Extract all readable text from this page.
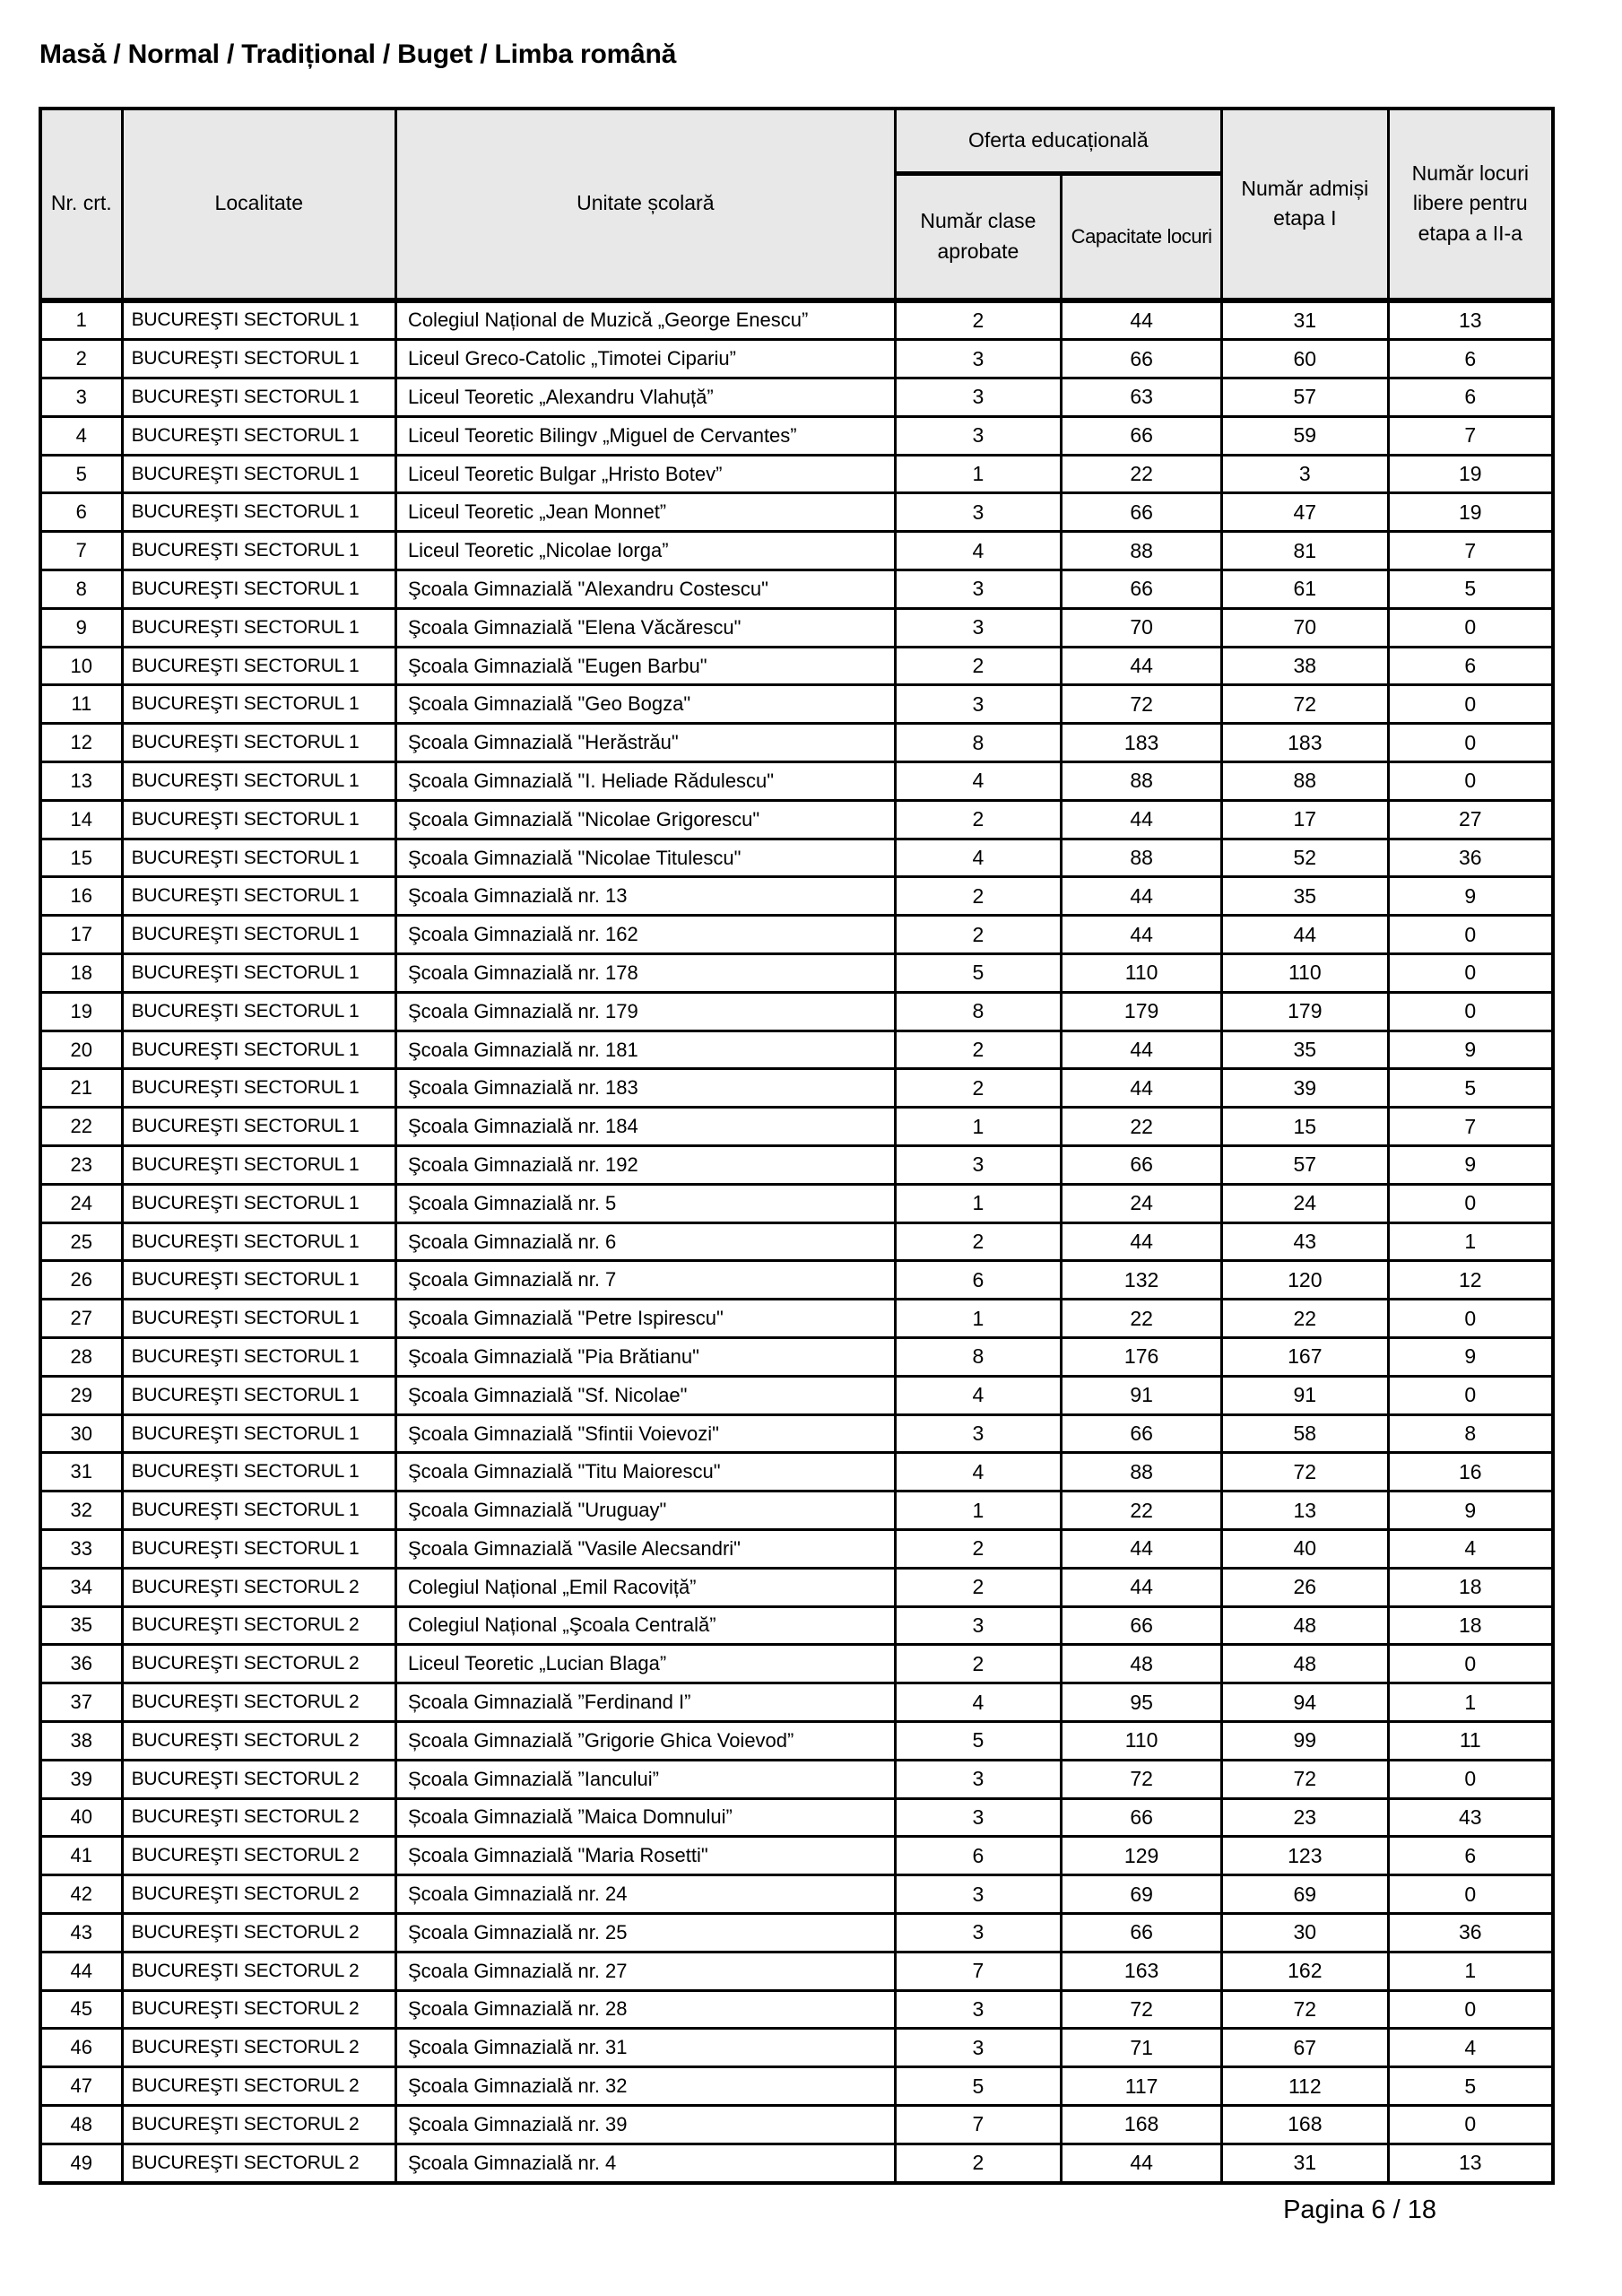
Masă / Normal / Tradițional / Buget / Limba română
Nr. crt.	Localitate	Unitate școlară	Oferta educațională		Număr admiși etapa I	Număr locuri libere pentru etapa a II-a
			Număr clase aprobate	Capacitate locuri		
1	BUCUREŞTI SECTORUL 1	Colegiul Național de Muzică „George Enescu”	2	44	31	13
2	BUCUREŞTI SECTORUL 1	Liceul Greco-Catolic „Timotei Cipariu”	3	66	60	6
3	BUCUREŞTI SECTORUL 1	Liceul Teoretic „Alexandru Vlahuță”	3	63	57	6
4	BUCUREŞTI SECTORUL 1	Liceul Teoretic Bilingv „Miguel de Cervantes”	3	66	59	7
5	BUCUREŞTI SECTORUL 1	Liceul Teoretic Bulgar „Hristo Botev”	1	22	3	19
6	BUCUREŞTI SECTORUL 1	Liceul Teoretic „Jean Monnet”	3	66	47	19
7	BUCUREŞTI SECTORUL 1	Liceul Teoretic „Nicolae Iorga”	4	88	81	7
8	BUCUREŞTI SECTORUL 1	Şcoala Gimnazială "Alexandru Costescu"	3	66	61	5
9	BUCUREŞTI SECTORUL 1	Şcoala Gimnazială "Elena Văcărescu"	3	70	70	0
10	BUCUREŞTI SECTORUL 1	Şcoala Gimnazială "Eugen Barbu"	2	44	38	6
11	BUCUREŞTI SECTORUL 1	Şcoala Gimnazială "Geo Bogza"	3	72	72	0
12	BUCUREŞTI SECTORUL 1	Şcoala Gimnazială "Herăstrău"	8	183	183	0
13	BUCUREŞTI SECTORUL 1	Şcoala Gimnazială "I. Heliade Rădulescu"	4	88	88	0
14	BUCUREŞTI SECTORUL 1	Şcoala Gimnazială "Nicolae Grigorescu"	2	44	17	27
15	BUCUREŞTI SECTORUL 1	Şcoala Gimnazială "Nicolae Titulescu"	4	88	52	36
16	BUCUREŞTI SECTORUL 1	Şcoala Gimnazială nr. 13	2	44	35	9
17	BUCUREŞTI SECTORUL 1	Şcoala Gimnazială nr. 162	2	44	44	0
18	BUCUREŞTI SECTORUL 1	Şcoala Gimnazială nr. 178	5	110	110	0
19	BUCUREŞTI SECTORUL 1	Şcoala Gimnazială nr. 179	8	179	179	0
20	BUCUREŞTI SECTORUL 1	Şcoala Gimnazială nr. 181	2	44	35	9
21	BUCUREŞTI SECTORUL 1	Şcoala Gimnazială nr. 183	2	44	39	5
22	BUCUREŞTI SECTORUL 1	Şcoala Gimnazială nr. 184	1	22	15	7
23	BUCUREŞTI SECTORUL 1	Şcoala Gimnazială nr. 192	3	66	57	9
24	BUCUREŞTI SECTORUL 1	Şcoala Gimnazială nr. 5	1	24	24	0
25	BUCUREŞTI SECTORUL 1	Şcoala Gimnazială nr. 6	2	44	43	1
26	BUCUREŞTI SECTORUL 1	Şcoala Gimnazială nr. 7	6	132	120	12
27	BUCUREŞTI SECTORUL 1	Şcoala Gimnazială "Petre Ispirescu"	1	22	22	0
28	BUCUREŞTI SECTORUL 1	Şcoala Gimnazială "Pia Brătianu"	8	176	167	9
29	BUCUREŞTI SECTORUL 1	Şcoala Gimnazială "Sf. Nicolae"	4	91	91	0
30	BUCUREŞTI SECTORUL 1	Şcoala Gimnazială "Sfintii Voievozi"	3	66	58	8
31	BUCUREŞTI SECTORUL 1	Şcoala Gimnazială "Titu Maiorescu"	4	88	72	16
32	BUCUREŞTI SECTORUL 1	Şcoala Gimnazială "Uruguay"	1	22	13	9
33	BUCUREŞTI SECTORUL 1	Şcoala Gimnazială "Vasile Alecsandri"	2	44	40	4
34	BUCUREŞTI SECTORUL 2	Colegiul Național „Emil Racoviță”	2	44	26	18
35	BUCUREŞTI SECTORUL 2	Colegiul Național „Şcoala Centrală”	3	66	48	18
36	BUCUREŞTI SECTORUL 2	Liceul Teoretic „Lucian Blaga”	2	48	48	0
37	BUCUREŞTI SECTORUL 2	Școala Gimnazială ”Ferdinand I”	4	95	94	1
38	BUCUREŞTI SECTORUL 2	Școala Gimnazială ”Grigorie Ghica Voievod”	5	110	99	11
39	BUCUREŞTI SECTORUL 2	Școala Gimnazială ”Iancului”	3	72	72	0
40	BUCUREŞTI SECTORUL 2	Școala Gimnazială ”Maica Domnului”	3	66	23	43
41	BUCUREŞTI SECTORUL 2	Școala Gimnazială "Maria Rosetti"	6	129	123	6
42	BUCUREŞTI SECTORUL 2	Școala Gimnazială nr. 24	3	69	69	0
43	BUCUREŞTI SECTORUL 2	Şcoala Gimnazială nr. 25	3	66	30	36
44	BUCUREŞTI SECTORUL 2	Şcoala Gimnazială nr. 27	7	163	162	1
45	BUCUREŞTI SECTORUL 2	Şcoala Gimnazială nr. 28	3	72	72	0
46	BUCUREŞTI SECTORUL 2	Şcoala Gimnazială nr. 31	3	71	67	4
47	BUCUREŞTI SECTORUL 2	Şcoala Gimnazială nr. 32	5	117	112	5
48	BUCUREŞTI SECTORUL 2	Şcoala Gimnazială nr. 39	7	168	168	0
49	BUCUREŞTI SECTORUL 2	Şcoala Gimnazială nr. 4	2	44	31	13
Pagina 6 / 18
